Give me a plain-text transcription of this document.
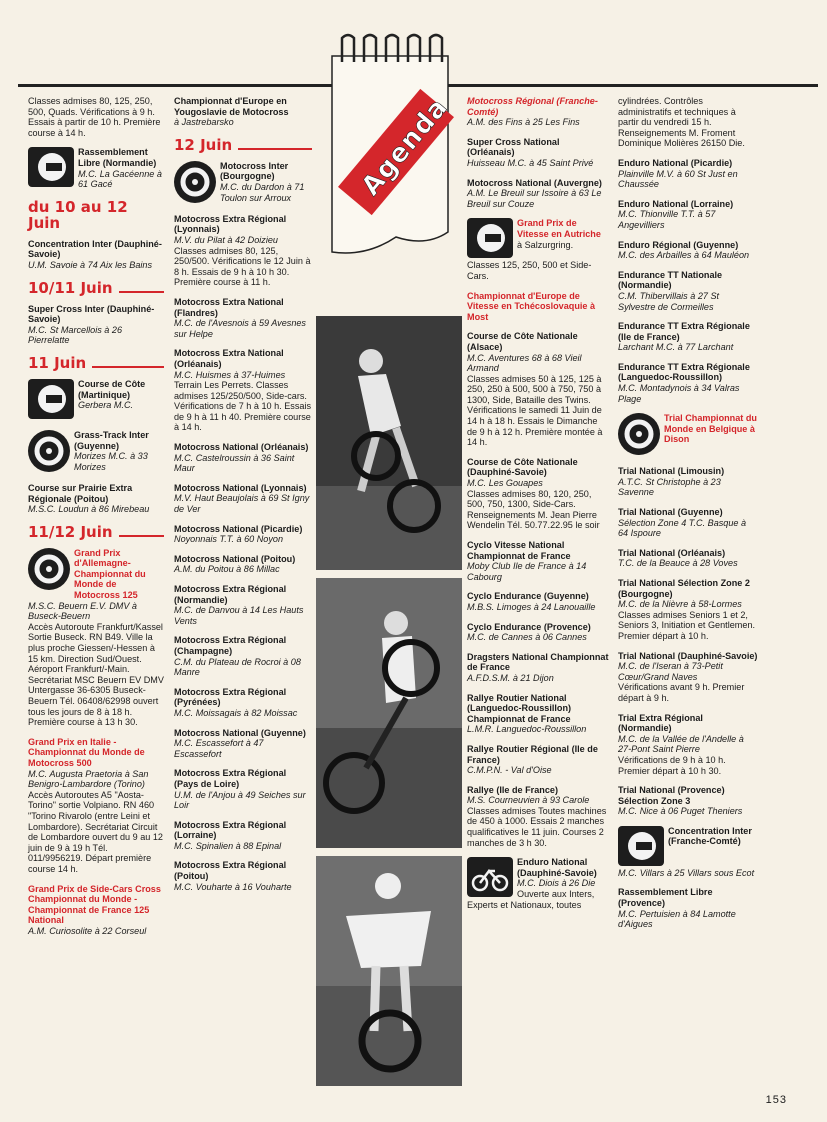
Agenda
Classes admises 80, 125, 250, 500, Quads. Vérifications à 9 h. Essais à partir de 10 h. Première course à 14 h.
Rassemblement Libre (Normandie)
M.C. La Gacéenne à 61 Gacé
du 10 au 12 Juin
Concentration Inter (Dauphiné-Savoie)
U.M. Savoie à 74 Aix les Bains
10/11 Juin
Super Cross Inter (Dauphiné-Savoie)
M.C. St Marcellois à 26 Pierrelatte
11 Juin
Course de Côte (Martinique)
Gerbera M.C.
Grass-Track Inter (Guyenne)
Morizes M.C. à 33 Morizes
Course sur Prairie Extra Régionale (Poitou)
M.S.C. Loudun à 86 Mirebeau
11/12 Juin
Grand Prix d'Allemagne-Championnat du Monde de Motocross 125
M.S.C. Beuern E.V. DMV à Buseck-Beuern
Accès Autoroute Frankfurt/Kassel Sortie Buseck. RN B49. Ville la plus proche Giessen/-Hessen à 15 km. Direction Sud/Ouest. Aéroport Frankfurt/-Main. Secrétariat MSC Beuern EV DMV Untergasse 36-6305 Buseck-Beuern Tél. 06408/62998 ouvert tous les jours de 8 à 18 h. Première course à 13 h 30.
Grand Prix en Italie - Championnat du Monde de Motocross 500
M.C. Augusta Praetoria à San Benigro-Lambardore (Torino)
Accès Autoroutes A5 "Aosta-Torino" sortie Volpiano. RN 460 "Torino Rivarolo (entre Leini et Lombardore). Secrétariat Circuit de Lombardore ouvert du 9 au 12 juin de 9 à 19 h Tél. 011/9956219. Départ première course 14 h.
Grand Prix de Side-Cars Cross Championnat du Monde - Championnat de France 125 National
A.M. Curiosolite à 22 Corseul
Championnat d'Europe en Yougoslavie de Motocross
à Jastrebarsko
12 Juin
Motocross Inter (Bourgogne)
M.C. du Dardon à 71 Toulon sur Arroux
Motocross Extra Régional (Lyonnais)
M.V. du Pilat à 42 Doizieu
Classes admises 80, 125, 250/500. Vérifications le 12 Juin à 8 h. Essais de 9 h à 10 h 30. Première course à 11 h.
Motocross Extra National (Flandres)
M.C. de l'Avesnois à 59 Avesnes sur Helpe
Motocross Extra National (Orléanais)
M.C. Huismes à 37-Huimes
Terrain Les Perrets. Classes admises 125/250/500, Side-cars. Vérifications de 7 h à 10 h. Essais de 9 h à 11 h 40. Première course à 14 h.
Motocross National (Orléanais)
M.C. Castelroussin à 36 Saint Maur
Motocross National (Lyonnais)
M.V. Haut Beaujolais à 69 St Igny de Ver
Motocross National (Picardie)
Noyonnais T.T. à 60 Noyon
Motocross National (Poitou)
A.M. du Poitou à 86 Millac
Motocross Extra Régional (Normandie)
M.C. de Danvou à 14 Les Hauts Vents
Motocross Extra Régional (Champagne)
C.M. du Plateau de Rocroi à 08 Manre
Motocross Extra Régional (Pyrénées)
M.C. Moissagais à 82 Moissac
Motocross National (Guyenne)
M.C. Escassefort à 47 Escassefort
Motocross Extra Régional (Pays de Loire)
U.M. de l'Anjou à 49 Seiches sur Loir
Motocross Extra Régional (Lorraine)
M.C. Spinalien à 88 Epinal
Motocross Extra Régional (Poitou)
M.C. Vouharte à 16 Vouharte
Motocross Régional (Franche-Comté)
A.M. des Fins à 25 Les Fins
Super Cross National (Orléanais)
Huisseau M.C. à 45 Saint Privé
Motocross National (Auvergne)
A.M. Le Breuil sur Issoire à 63 Le Breuil sur Couze
Grand Prix de Vitesse en Autriche
à Salzurgring.
Classes 125, 250, 500 et Side-Cars.
Championnat d'Europe de Vitesse en Tchécoslovaquie à Most
Course de Côte Nationale (Alsace)
M.C. Aventures 68 à 68 Vieil Armand
Classes admises 50 à 125, 125 à 250, 250 à 500, 500 à 750, 750 à 1300, Side, Bataille des Twins. Vérifications le samedi 11 Juin de 14 h à 18 h. Essais le Dimanche de 9 h à 12 h. Première montée à 14 h.
Course de Côte Nationale (Dauphiné-Savoie)
M.C. Les Gouapes
Classes admises 80, 120, 250, 500, 750, 1300, Side-Cars. Renseignements M. Jean Pierre Wendelin Tél. 50.77.22.95 le soir
Cyclo Vitesse National Championnat de France
Moby Club Ile de France à 14 Cabourg
Cyclo Endurance (Guyenne)
M.B.S. Limoges à 24 Lanouaille
Cyclo Endurance (Provence)
M.C. de Cannes à 06 Cannes
Dragsters National Championnat de France
A.F.D.S.M. à 21 Dijon
Rallye Routier National (Languedoc-Roussillon) Championnat de France
L.M.R. Languedoc-Roussillon
Rallye Routier Régional (Ile de France)
C.M.P.N. - Val d'Oise
Rallye (Ile de France)
M.S. Courneuvien à 93 Carole
Classes admises Toutes machines de 450 à 1000. Essais 2 manches qualificatives le 11 juin. Courses 2 manches de 3 h 30.
Enduro National (Dauphiné-Savoie)
M.C. Diois à 26 Die
Ouverte aux Inters, Experts et Nationaux, toutes
cylindrées. Contrôles administratifs et techniques à partir du vendredi 15 h. Renseignements M. Froment Dominique Molières 26150 Die.
Enduro National (Picardie)
Plainville M.V. à 60 St Just en Chaussée
Enduro National (Lorraine)
M.C. Thionville T.T. à 57 Angevilliers
Enduro Régional (Guyenne)
M.C. des Arbailles à 64 Mauléon
Endurance TT Nationale (Normandie)
C.M. Thibervillais à 27 St Sylvestre de Cormeilles
Endurance TT Extra Régionale (Ile de France)
Larchant M.C. à 77 Larchant
Endurance TT Extra Régionale (Languedoc-Roussillon)
M.C. Montadynois à 34 Valras Plage
Trial Championnat du Monde en Belgique à Dison
Trial National (Limousin)
A.T.C. St Christophe à 23 Savenne
Trial National (Guyenne)
Sélection Zone 4 T.C. Basque à 64 Ispoure
Trial National (Orléanais)
T.C. de la Beauce à 28 Voves
Trial National Sélection Zone 2 (Bourgogne)
M.C. de la Nièvre à 58-Lormes
Classes admises Seniors 1 et 2, Seniors 3, Initiation et Gentlemen. Premier départ à 10 h.
Trial National (Dauphiné-Savoie)
M.C. de l'Iseran à 73-Petit Cœur/Grand Naves
Vérifications avant 9 h. Premier départ à 9 h.
Trial Extra Régional (Normandie)
M.C. de la Vallée de l'Andelle à 27-Pont Saint Pierre
Vérifications de 9 h à 10 h. Premier départ à 10 h 30.
Trial National (Provence) Sélection Zone 3
M.C. Nice à 06 Puget Theniers
Concentration Inter (Franche-Comté)
M.C. Villars à 25 Villars sous Ecot
Rassemblement Libre (Provence)
M.C. Pertuisien à 84 Lamotte d'Aigues
153
